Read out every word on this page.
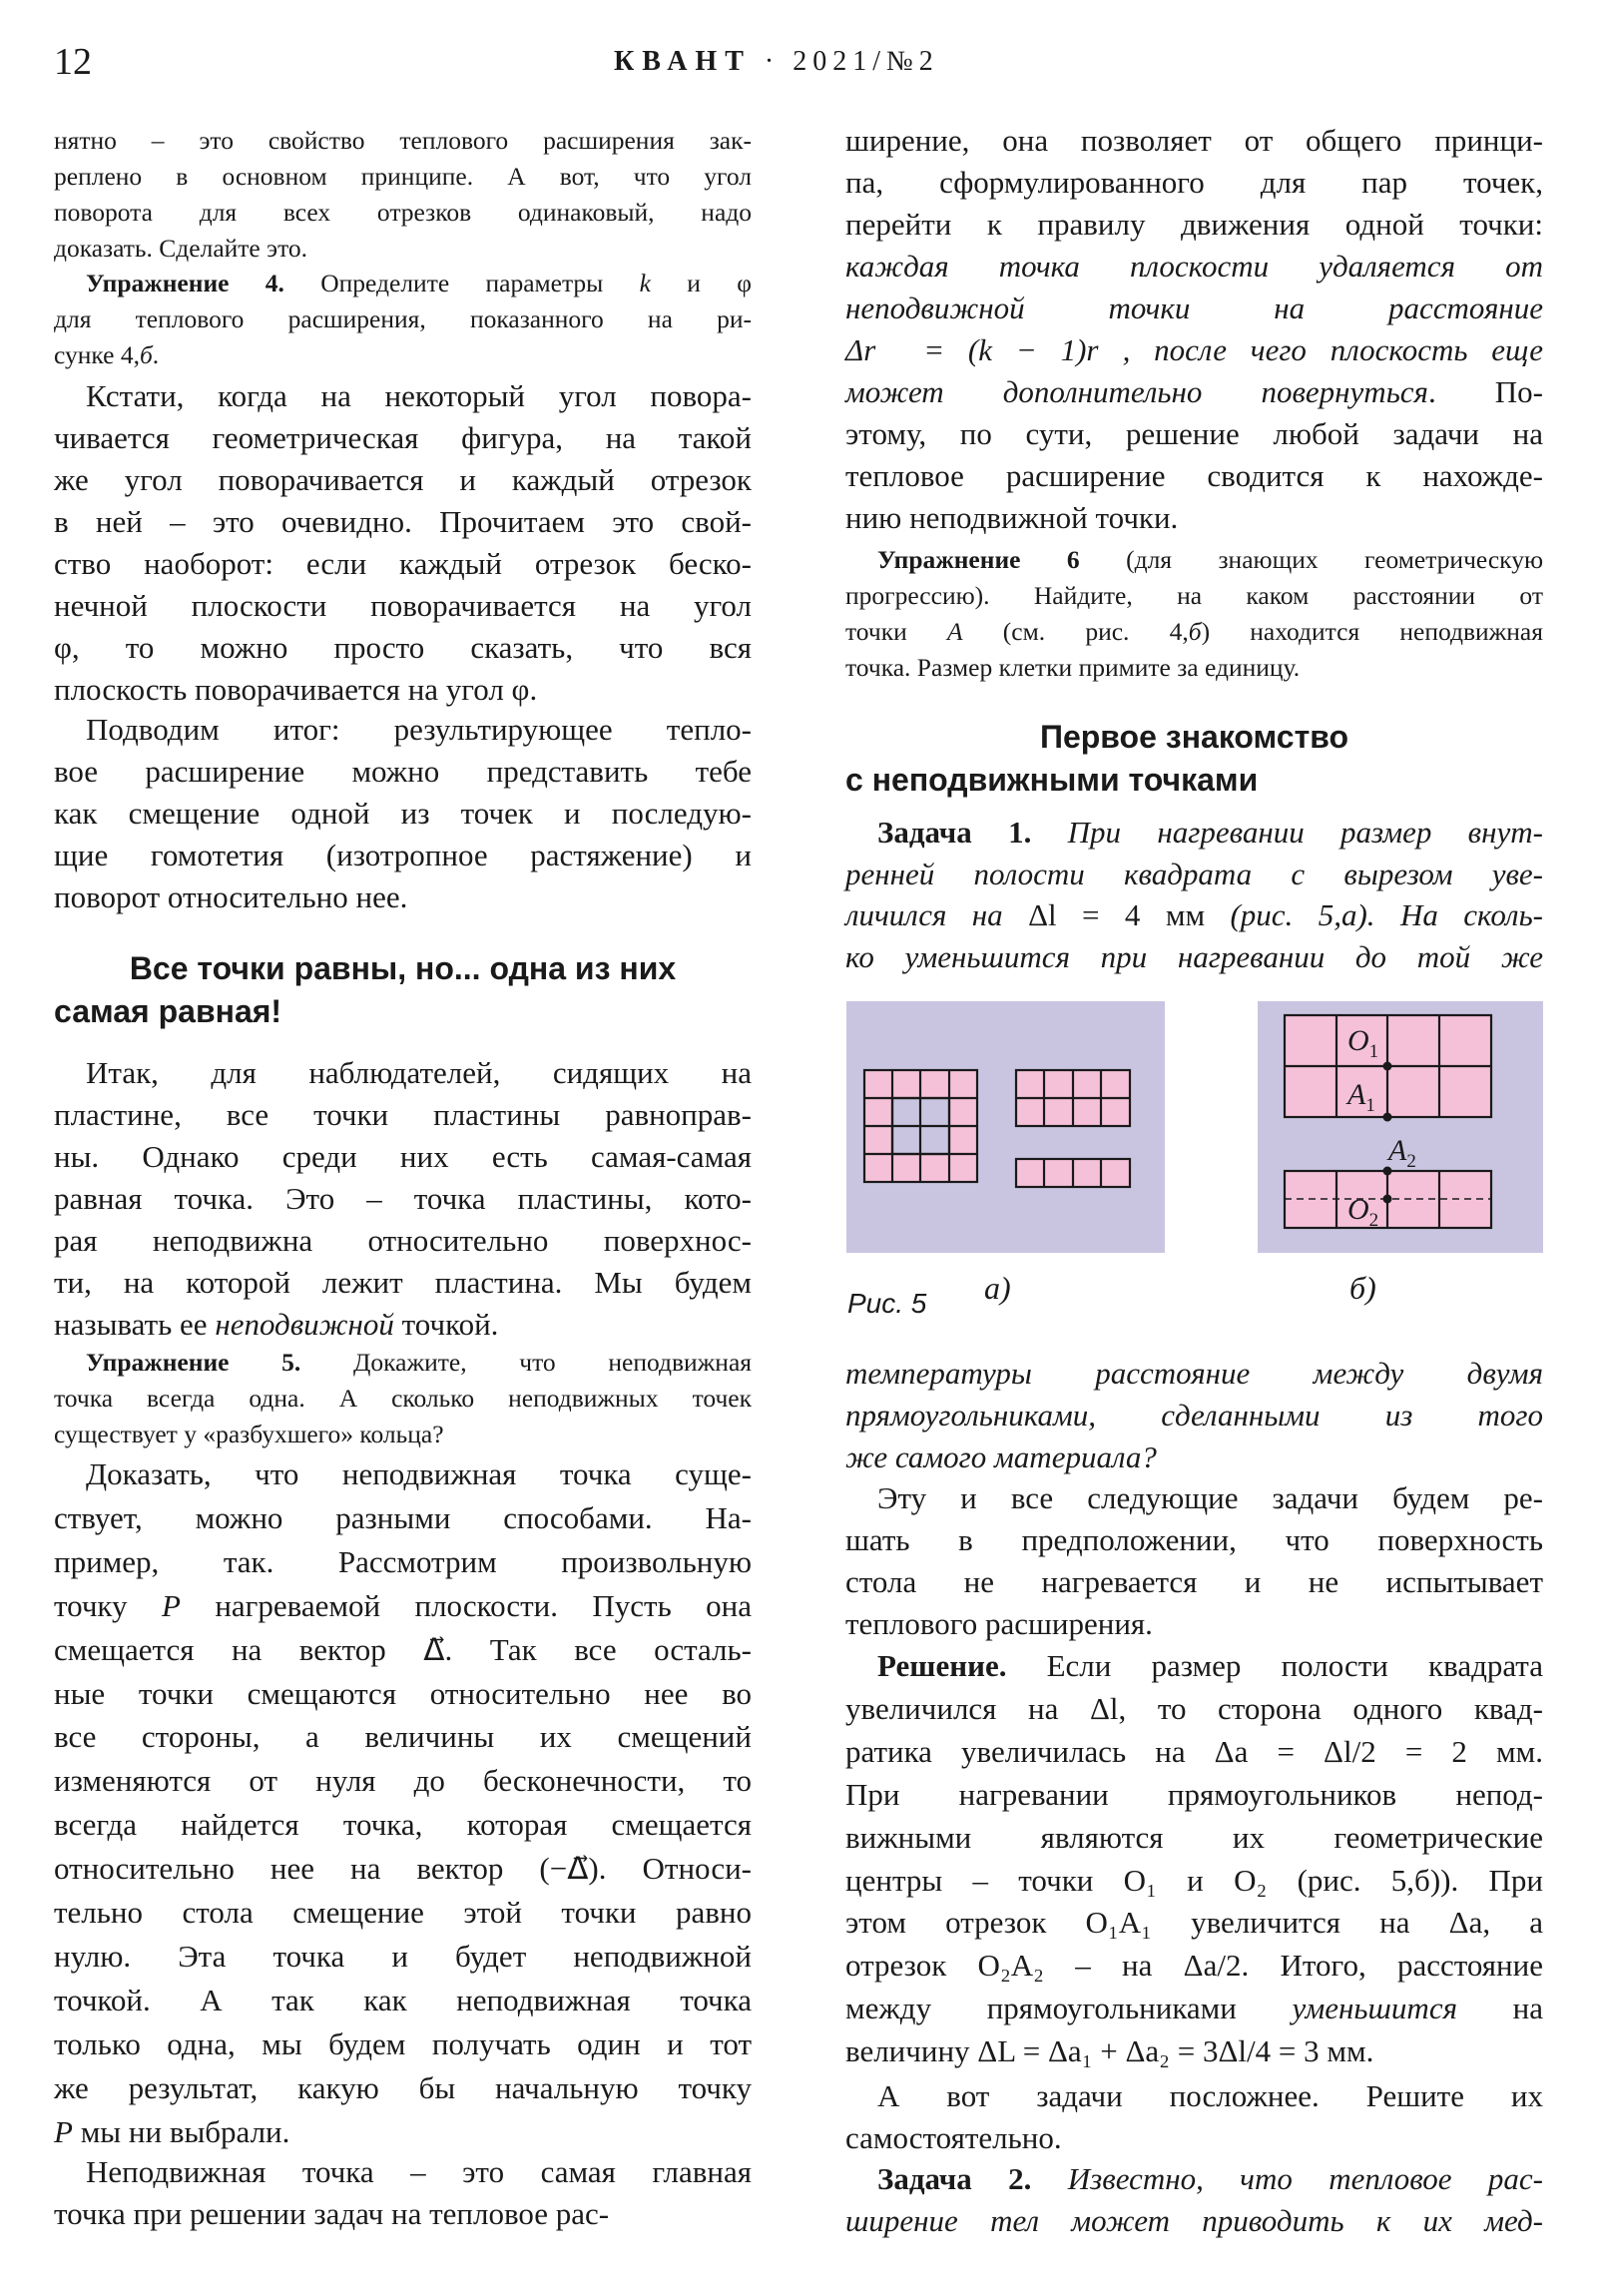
12	КВАНТ · 2021/№2
нятно – это свойство теплового расширения зак-
реплено в основном принципе. А вот, что угол
поворота для всех отрезков одинаковый, надо
доказать. Сделайте это.
Упражнение 4. Определите параметры k и φ
для теплового расширения, показанного на ри-
сунке 4,б.
Кстати, когда на некоторый угол повора-
чивается геометрическая фигура, на такой
же угол поворачивается и каждый отрезок
в ней – это очевидно. Прочитаем это свой-
ство наоборот: если каждый отрезок беско-
нечной плоскости поворачивается на угол
φ, то можно просто сказать, что вся
плоскость поворачивается на угол φ.
Подводим итог: результирующее тепло-
вое расширение можно представить тебе
как смещение одной из точек и последую-
щие гомотетия (изотропное растяжение) и
поворот относительно нее.
Все точки равны, но... одна из них
самая равная!
Итак, для наблюдателей, сидящих на
пластине, все точки пластины равноправ-
ны. Однако среди них есть самая-самая
равная точка. Это – точка пластины, кото-
рая неподвижна относительно поверхнос-
ти, на которой лежит пластина. Мы будем
называть ее неподвижной точкой.
Упражнение 5. Докажите, что неподвижная
точка всегда одна. А сколько неподвижных точек
существует у «разбухшего» кольца?
Доказать, что неподвижная точка суще-
ствует, можно разными способами. На-
пример, так. Рассмотрим произвольную
точку P нагреваемой плоскости. Пусть она
смещается на вектор Δ⃗. Так все осталь-
ные точки смещаются относительно нее во
все стороны, а величины их смещений
изменяются от нуля до бесконечности, то
всегда найдется точка, которая смещается
относительно нее на вектор (−Δ⃗). Относи-
тельно стола смещение этой точки равно
нулю. Эта точка и будет неподвижной
точкой. А так как неподвижная точка
только одна, мы будем получать один и тот
же результат, какую бы начальную точку
P мы ни выбрали.
Неподвижная точка – это самая главная
точка при решении задач на тепловое рас-
ширение, она позволяет от общего принци-
па, сформулированного для пар точек,
перейти к правилу движения одной точки:
каждая точка плоскости удаляется от
неподвижной точки на расстояние
Δr⃗ = (k − 1)r⃗, после чего плоскость еще
может дополнительно повернуться. По-
этому, по сути, решение любой задачи на
тепловое расширение сводится к нахожде-
нию неподвижной точки.
Упражнение 6 (для знающих геометрическую
прогрессию). Найдите, на каком расстоянии от
точки A (см. рис. 4,б) находится неподвижная
точка. Размер клетки примите за единицу.
Первое знакомство
с неподвижными точками
Задача 1. При нагревании размер внут-
ренней полости квадрата с вырезом уве-
личился на Δl = 4 мм (рис. 5,а). На сколь-
ко уменьшится при нагревании до той же
$O_1$
$A_1$
$A_2$
$O_2$
Рис. 5 а)	б)
температуры расстояние между двумя
прямоугольниками, сделанными из того
же самого материала?
Эту и все следующие задачи будем ре-
шать в предположении, что поверхность
стола не нагревается и не испытывает
теплового расширения.
Решение. Если размер полости квадрата
увеличился на Δl, то сторона одного квад-
ратика увеличилась на Δa = Δl/2 = 2 мм.
При нагревании прямоугольников непод-
вижными являются их геометрические
центры – точки O₁ и O₂ (рис. 5,б)). При
этом отрезок O₁A₁ увеличится на Δa, а
отрезок O₂A₂ – на Δa/2. Итого, расстояние
между прямоугольниками уменьшится на
величину ΔL = Δa₁ + Δa₂ = 3Δl/4 = 3 мм.
А вот задачи посложнее. Решите их
самостоятельно.
Задача 2. Известно, что тепловое рас-
ширение тел может приводить к их мед-
